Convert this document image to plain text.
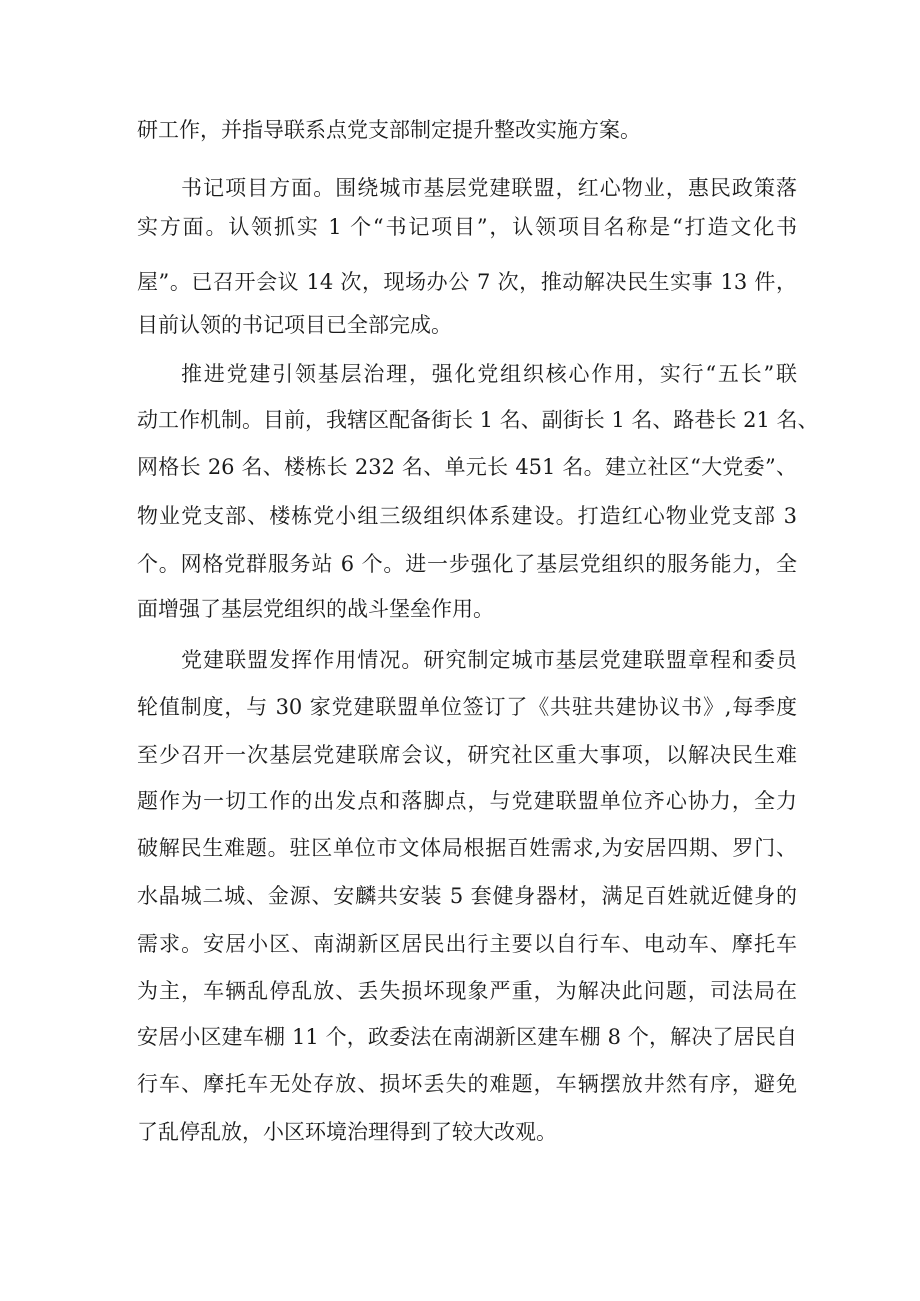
研工作，并指导联系点党支部制定提升整改实施方案。
书记项目方面。围绕城市基层党建联盟，红心物业，惠民政策落
实方面。认领抓实 1 个“书记项目”，认领项目名称是“打造文化书
屋”。已召开会议 14 次，现场办公 7 次，推动解决民生实事 13 件，
目前认领的书记项目已全部完成。
推进党建引领基层治理，强化党组织核心作用，实行“五长”联
动工作机制。目前，我辖区配备街长 1 名、副街长 1 名、路巷长 21 名、
网格长 26 名、楼栋长 232 名、单元长 451 名。建立社区“大党委”、
物业党支部、楼栋党小组三级组织体系建设。打造红心物业党支部 3
个。网格党群服务站 6 个。进一步强化了基层党组织的服务能力，全
面增强了基层党组织的战斗堡垒作用。
党建联盟发挥作用情况。研究制定城市基层党建联盟章程和委员
轮值制度，与 30 家党建联盟单位签订了《共驻共建协议书》,每季度
至少召开一次基层党建联席会议，研究社区重大事项，以解决民生难
题作为一切工作的出发点和落脚点，与党建联盟单位齐心协力，全力
破解民生难题。驻区单位市文体局根据百姓需求,为安居四期、罗门、
水晶城二城、金源、安麟共安装 5 套健身器材，满足百姓就近健身的
需求。安居小区、南湖新区居民出行主要以自行车、电动车、摩托车
为主，车辆乱停乱放、丢失损坏现象严重，为解决此问题，司法局在
安居小区建车棚 11 个，政委法在南湖新区建车棚 8 个，解决了居民自
行车、摩托车无处存放、损坏丢失的难题，车辆摆放井然有序，避免
了乱停乱放，小区环境治理得到了较大改观。
